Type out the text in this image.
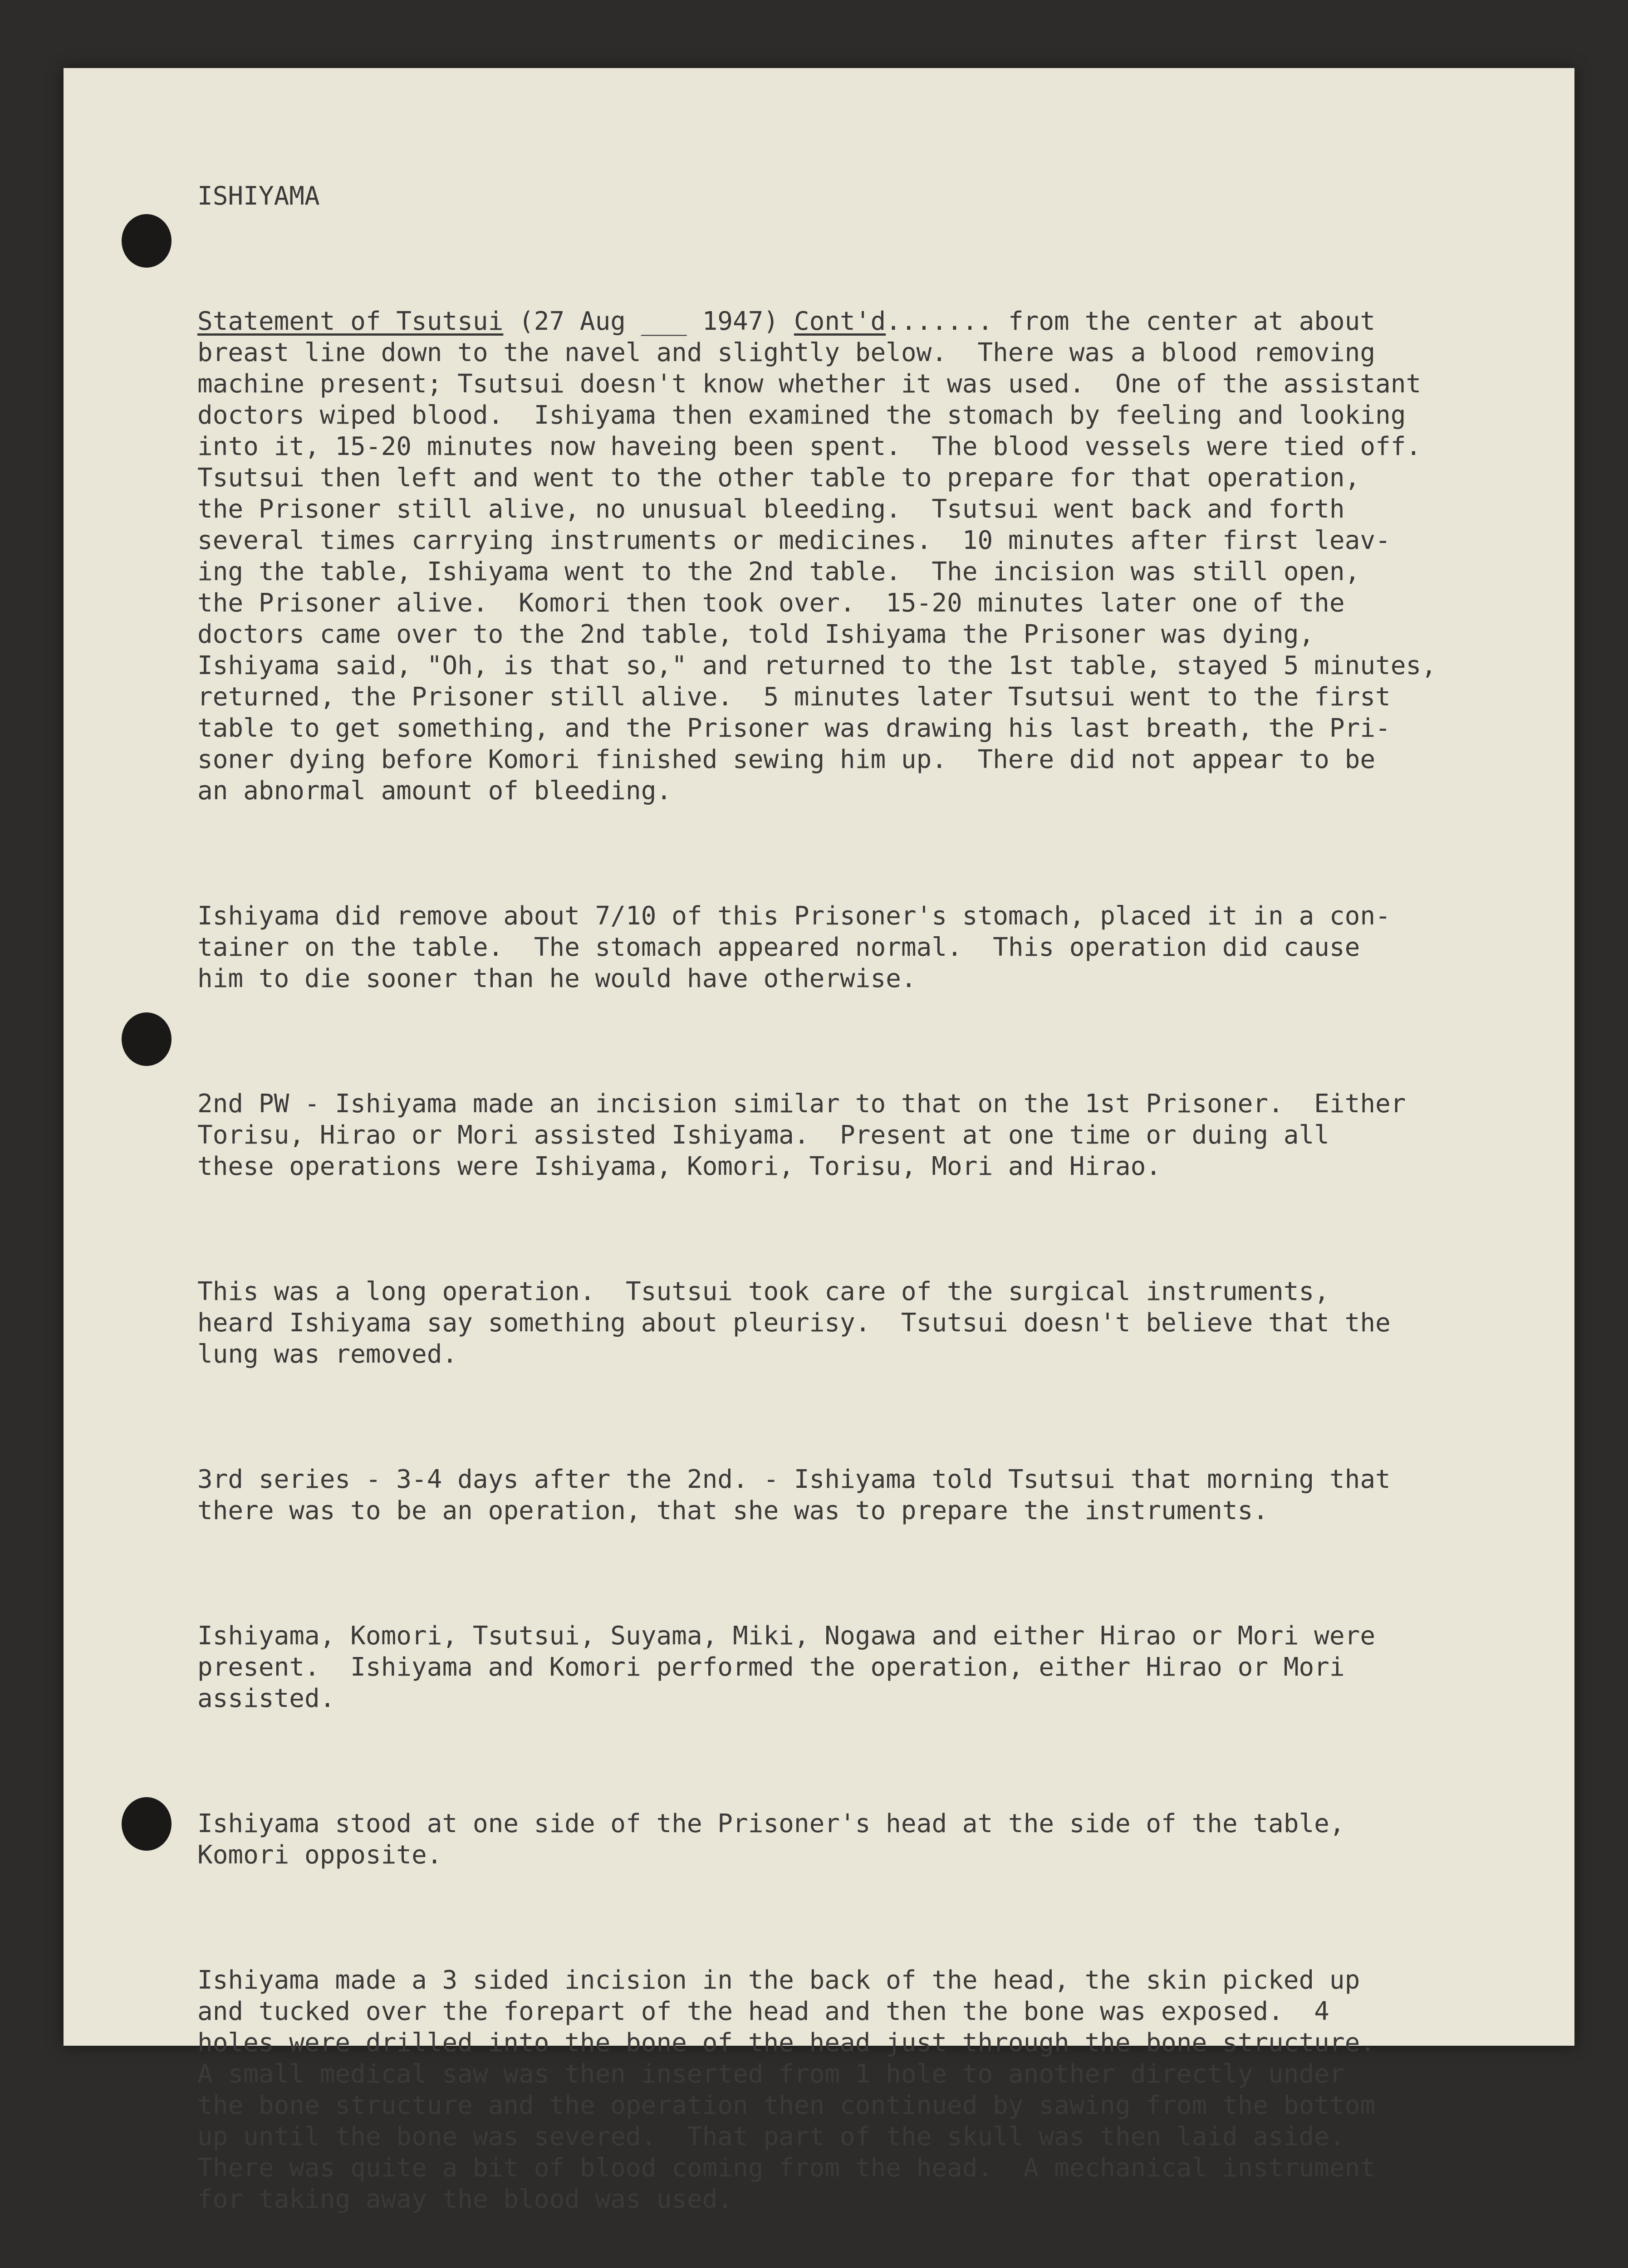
ISHIYAMA

Statement of Tsutsui (27 Aug ___ 1947) Cont'd....... from the center at about
breast line down to the navel and slightly below.  There was a blood removing
machine present; Tsutsui doesn't know whether it was used.  One of the assistant
doctors wiped blood.  Ishiyama then examined the stomach by feeling and looking
into it, 15-20 minutes now haveing been spent.  The blood vessels were tied off.
Tsutsui then left and went to the other table to prepare for that operation,
the Prisoner still alive, no unusual bleeding.  Tsutsui went back and forth
several times carrying instruments or medicines.  10 minutes after first leav-
ing the table, Ishiyama went to the 2nd table.  The incision was still open,
the Prisoner alive.  Komori then took over.  15-20 minutes later one of the
doctors came over to the 2nd table, told Ishiyama the Prisoner was dying,
Ishiyama said, "Oh, is that so," and returned to the 1st table, stayed 5 minutes,
returned, the Prisoner still alive.  5 minutes later Tsutsui went to the first
table to get something, and the Prisoner was drawing his last breath, the Pri-
soner dying before Komori finished sewing him up.  There did not appear to be
an abnormal amount of bleeding.

Ishiyama did remove about 7/10 of this Prisoner's stomach, placed it in a con-
tainer on the table.  The stomach appeared normal.  This operation did cause
him to die sooner than he would have otherwise.

2nd PW - Ishiyama made an incision similar to that on the 1st Prisoner.  Either
Torisu, Hirao or Mori assisted Ishiyama.  Present at one time or duing all
these operations were Ishiyama, Komori, Torisu, Mori and Hirao.

This was a long operation.  Tsutsui took care of the surgical instruments,
heard Ishiyama say something about pleurisy.  Tsutsui doesn't believe that the
lung was removed.

3rd series - 3-4 days after the 2nd. - Ishiyama told Tsutsui that morning that
there was to be an operation, that she was to prepare the instruments.

Ishiyama, Komori, Tsutsui, Suyama, Miki, Nogawa and either Hirao or Mori were
present.  Ishiyama and Komori performed the operation, either Hirao or Mori
assisted.

Ishiyama stood at one side of the Prisoner's head at the side of the table,
Komori opposite.

Ishiyama made a 3 sided incision in the back of the head, the skin picked up
and tucked over the forepart of the head and then the bone was exposed.  4
holes were drilled into the bone of the head just through the bone structure.
A small medical saw was then inserted from 1 hole to another directly under
the bone structure and the operation then continued by sawing from the bottom
up until the bone was severed.  That part of the skull was then laid aside.
There was quite a bit of blood coming from the head.  A mechanical instrument
for taking away the blood was used.
